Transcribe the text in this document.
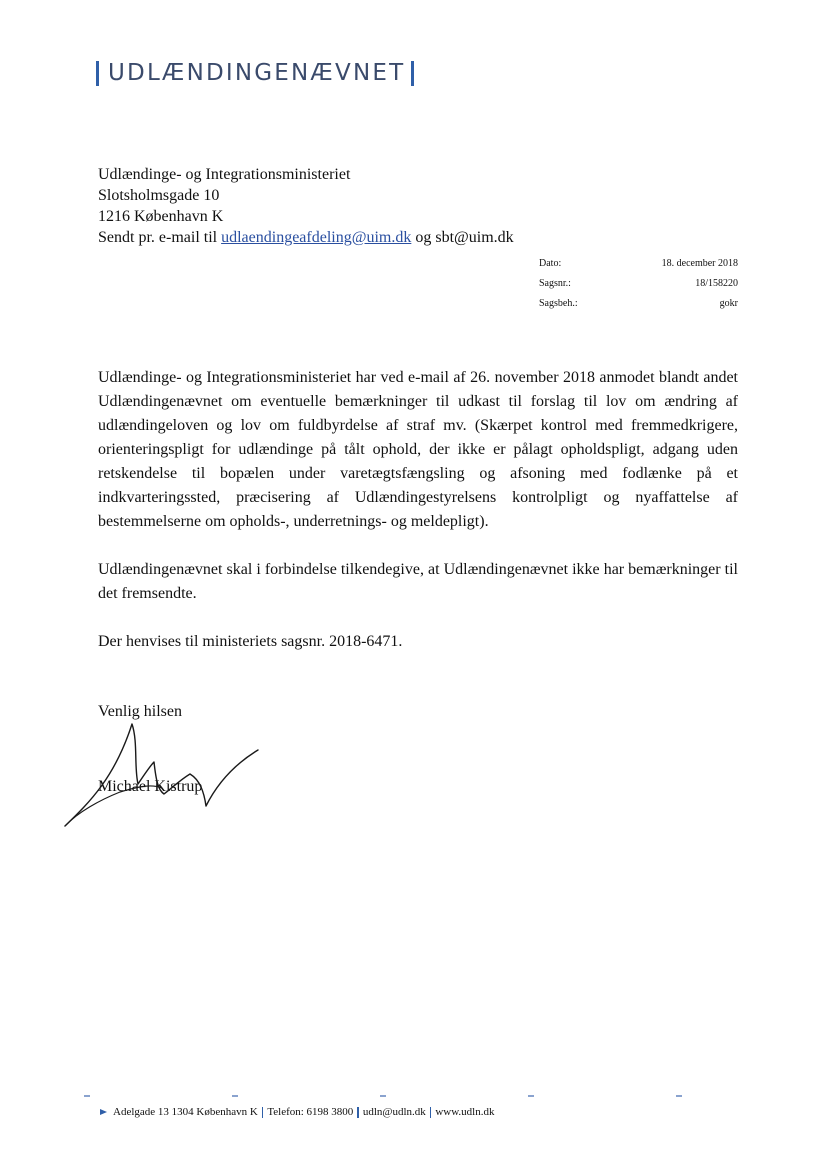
UDLÆNDINGENÆVNET
Udlændinge- og Integrationsministeriet
Slotsholmsgade 10
1216 København K
Sendt pr. e-mail til udlaendingeafdeling@uim.dk og sbt@uim.dk
Dato:	18. december 2018
Sagsnr.:	18/158220
Sagsbeh.:	gokr

Udlændinge- og Integrationsministeriet har ved e-mail af 26. november 2018 anmodet blandt andet Udlændingenævnet om eventuelle bemærkninger til udkast til forslag til lov om ændring af udlændingeloven og lov om fuldbyrdelse af straf mv. (Skærpet kontrol med fremmedkrigere, orienteringspligt for udlændinge på tålt ophold, der ikke er pålagt opholdspligt, adgang uden retskendelse til bopælen under varetægtsfængsling og afsoning med fodlænke på et indkvarteringssted, præcisering af Udlændingestyrelsens kontrolpligt og nyaffattelse af bestemmelserne om opholds-, underretnings- og meldepligt).

Udlændingenævnet skal i forbindelse tilkendegive, at Udlændingenævnet ikke har bemærkninger til det fremsendte.

Der henvises til ministeriets sagsnr. 2018-6471.

Venlig hilsen
Michael Kistrup
Adelgade 13 1304 København K Telefon: 6198 3800 udln@udln.dk www.udln.dk
